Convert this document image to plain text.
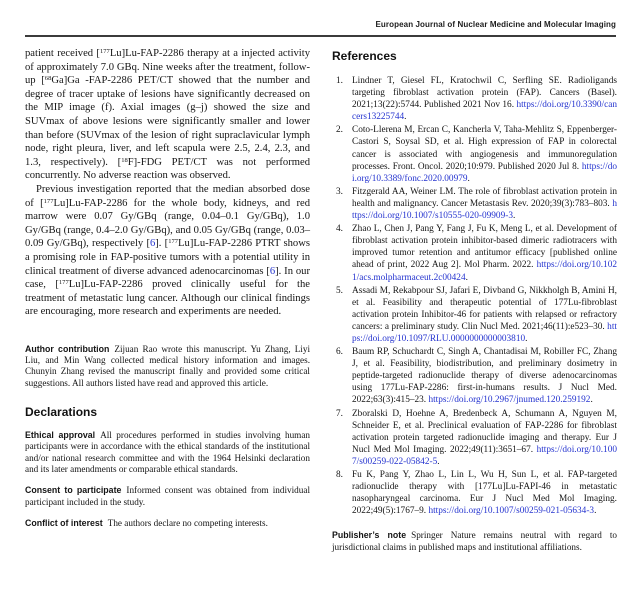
European Journal of Nuclear Medicine and Molecular Imaging

patient received [$^{177}$Lu]Lu-FAP-2286 therapy at a injected activity of approximately 7.0 GBq. Nine weeks after the treatment, follow-up [$^{68}$Ga]Ga -FAP-2286 PET/CT showed that the number and degree of tracer uptake of lesions have significantly decreased on the MIP image (f). Axial images (g–j) showed the size and SUVmax of above lesions were significantly smaller and lower than before (SUVmax of the lesion of right supraclavicular lymph node, right pleura, liver, and left scapula were 2.5, 2.4, 2.3, and 1.3, respectively). [$^{18}$F]-FDG PET/CT was not performed concurrently. No adverse reaction was observed.

Previous investigation reported that the median absorbed dose of [$^{177}$Lu]Lu-FAP-2286 for the whole body, kidneys, and red marrow were 0.07 Gy/GBq (range, 0.04–0.1 Gy/GBq), 1.0 Gy/GBq (range, 0.4–2.0 Gy/GBq), and 0.05 Gy/GBq (range, 0.03–0.09 Gy/GBq), respectively [6]. [$^{177}$Lu]Lu-FAP-2286 PTRT shows a promising role in FAP-positive tumors with a potential utility in clinical treatment of diverse advanced adenocarcinomas [6]. In our case, [$^{177}$Lu]Lu-FAP-2286 proved clinically useful for the treatment of metastatic lung cancer. Although our clinical findings are encouraging, more research and experiments are needed.

Author contribution Zijuan Rao wrote this manuscript. Yu Zhang, Liyi Liu, and Min Wang collected medical history information and images. Chunyin Zhang revised the manuscript finally and provided some critical suggestions. All authors listed have read and approved this article.

Declarations

Ethical approval All procedures performed in studies involving human participants were in accordance with the ethical standards of the institutional and/or national research committee and with the 1964 Helsinki declaration and its later amendments or comparable ethical standards.

Consent to participate Informed consent was obtained from individual participant included in the study.

Conflict of interest The authors declare no competing interests.

References
1. Lindner T, Giesel FL, Kratochwil C, Serfling SE. Radioligands targeting fibroblast activation protein (FAP). Cancers (Basel). 2021;13(22):5744. Published 2021 Nov 16. https://doi.org/10.3390/cancers13225744.
2. Coto-Llerena M, Ercan C, Kancherla V, Taha-Mehlitz S, Eppenberger-Castori S, Soysal SD, et al. High expression of FAP in colorectal cancer is associated with angiogenesis and immunoregulation processes. Front. Oncol. 2020;10:979. Published 2020 Jul 8. https://doi.org/10.3389/fonc.2020.00979.
3. Fitzgerald AA, Weiner LM. The role of fibroblast activation protein in health and malignancy. Cancer Metastasis Rev. 2020;39(3):783–803. https://doi.org/10.1007/s10555-020-09909-3.
4. Zhao L, Chen J, Pang Y, Fang J, Fu K, Meng L, et al. Development of fibroblast activation protein inhibitor-based dimeric radiotracers with improved tumor retention and antitumor efficacy [published online ahead of print, 2022 Aug 2]. Mol Pharm. 2022. https://doi.org/10.1021/acs.molpharmaceut.2c00424.
5. Assadi M, Rekabpour SJ, Jafari E, Divband G, Nikkholgh B, Amini H, et al. Feasibility and therapeutic potential of 177Lu-fibroblast activation protein Inhibitor-46 for patients with relapsed or refractory cancers: a preliminary study. Clin Nucl Med. 2021;46(11):e523–30. https://doi.org/10.1097/RLU.0000000000003810.
6. Baum RP, Schuchardt C, Singh A, Chantadisai M, Robiller FC, Zhang J, et al. Feasibility, biodistribution, and preliminary dosimetry in peptide-targeted radionuclide therapy of diverse adenocarcinomas using 177Lu-FAP-2286: first-in-humans results. J Nucl Med. 2022;63(3):415–23. https://doi.org/10.2967/jnumed.120.259192.
7. Zboralski D, Hoehne A, Bredenbeck A, Schumann A, Nguyen M, Schneider E, et al. Preclinical evaluation of FAP-2286 for fibroblast activation protein targeted radionuclide imaging and therapy. Eur J Nucl Med Mol Imaging. 2022;49(11):3651–67. https://doi.org/10.1007/s00259-022-05842-5.
8. Fu K, Pang Y, Zhao L, Lin L, Wu H, Sun L, et al. FAP-targeted radionuclide therapy with [177Lu]Lu-FAPI-46 in metastatic nasopharyngeal carcinoma. Eur J Nucl Med Mol Imaging. 2022;49(5):1767–9. https://doi.org/10.1007/s00259-021-05634-3.

Publisher’s note Springer Nature remains neutral with regard to jurisdictional claims in published maps and institutional affiliations.
